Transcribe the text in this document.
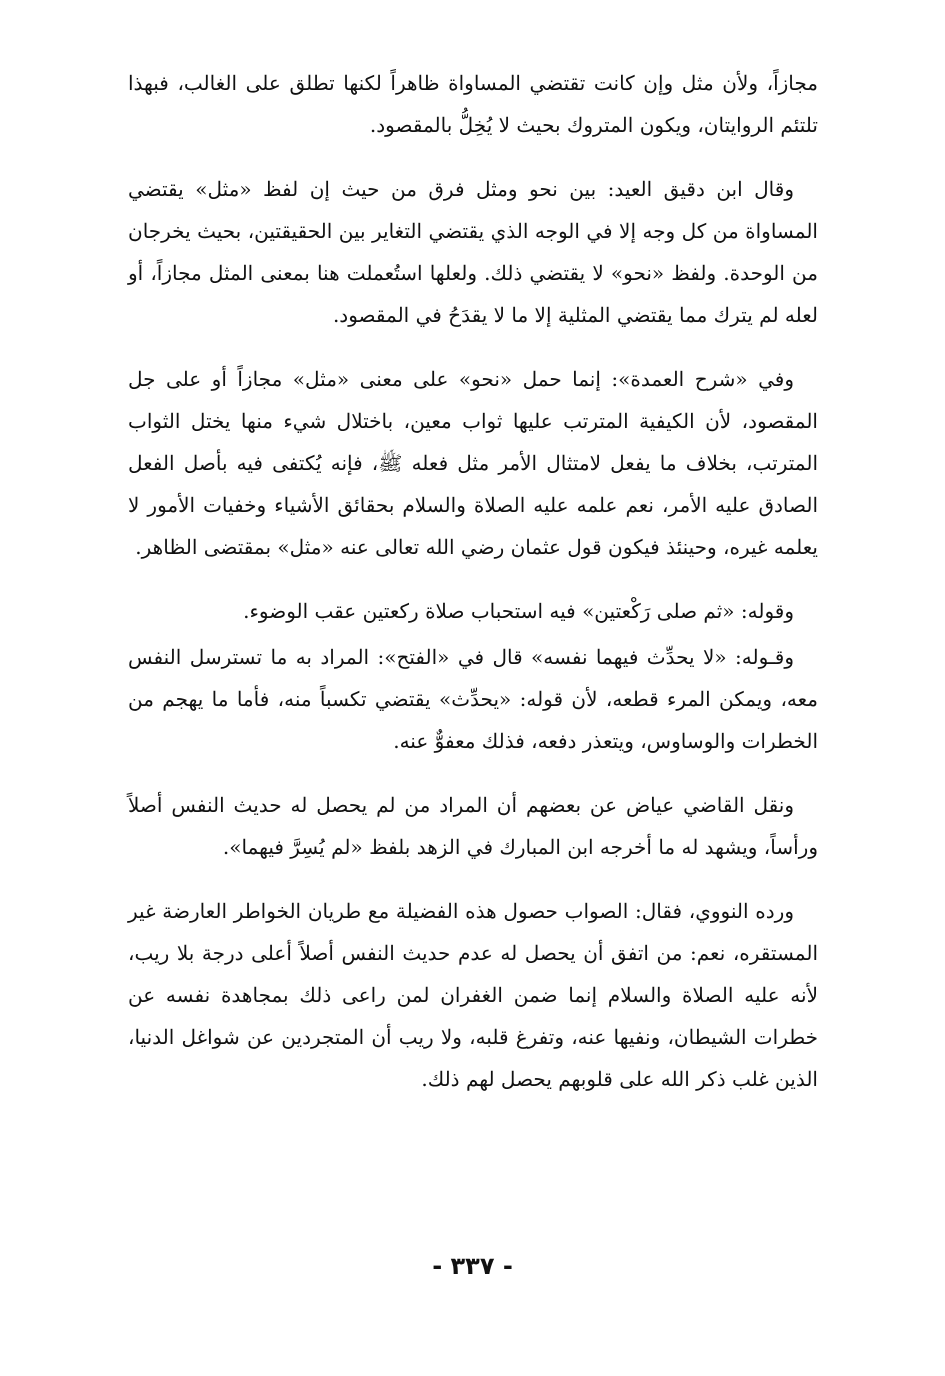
مجازاً، ولأن مثل وإن كانت تقتضي المساواة ظاهراً لكنها تطلق على الغالب، فبهذا تلتئم الروايتان، ويكون المتروك بحيث لا يُخِلُّ بالمقصود.

وقال ابن دقيق العيد: بين نحو ومثل فرق من حيث إن لفظ «مثل» يقتضي المساواة من كل وجه إلا في الوجه الذي يقتضي التغاير بين الحقيقتين، بحيث يخرجان من الوحدة. ولفظ «نحو» لا يقتضي ذلك. ولعلها استُعملت هنا بمعنى المثل مجازاً، أو لعله لم يترك مما يقتضي المثلية إلا ما لا يقدَحُ في المقصود.

وفي «شرح العمدة»: إنما حمل «نحو» على معنى «مثل» مجازاً أو على جل المقصود، لأن الكيفية المترتب عليها ثواب معين، باختلال شيء منها يختل الثواب المترتب، بخلاف ما يفعل لامتثال الأمر مثل فعله ﷺ، فإنه يُكتفى فيه بأصل الفعل الصادق عليه الأمر، نعم علمه عليه الصلاة والسلام بحقائق الأشياء وخفيات الأمور لا يعلمه غيره، وحينئذ فيكون قول عثمان رضي الله تعالى عنه «مثل» بمقتضى الظاهر.

وقوله: «ثم صلى رَكْعتين» فيه استحباب صلاة ركعتين عقب الوضوء.

وقـوله: «لا يحدِّث فيهما نفسه» قال في «الفتح»: المراد به ما تسترسل النفس معه، ويمكن المرء قطعه، لأن قوله: «يحدِّث» يقتضي تكسباً منه، فأما ما يهجم من الخطرات والوساوس، ويتعذر دفعه، فذلك معفوٌّ عنه.

ونقل القاضي عياض عن بعضهم أن المراد من لم يحصل له حديث النفس أصلاً ورأساً، ويشهد له ما أخرجه ابن المبارك في الزهد بلفظ «لم يُسِرَّ فيهما».

ورده النووي، فقال: الصواب حصول هذه الفضيلة مع طريان الخواطر العارضة غير المستقره، نعم: من اتفق أن يحصل له عدم حديث النفس أصلاً أعلى درجة بلا ريب، لأنه عليه الصلاة والسلام إنما ضمن الغفران لمن راعى ذلك بمجاهدة نفسه عن خطرات الشيطان، ونفيها عنه، وتفرغ قلبه، ولا ريب أن المتجردين عن شواغل الدنيا، الذين غلب ذكر الله على قلوبهم يحصل لهم ذلك.

- ٣٣٧ -
